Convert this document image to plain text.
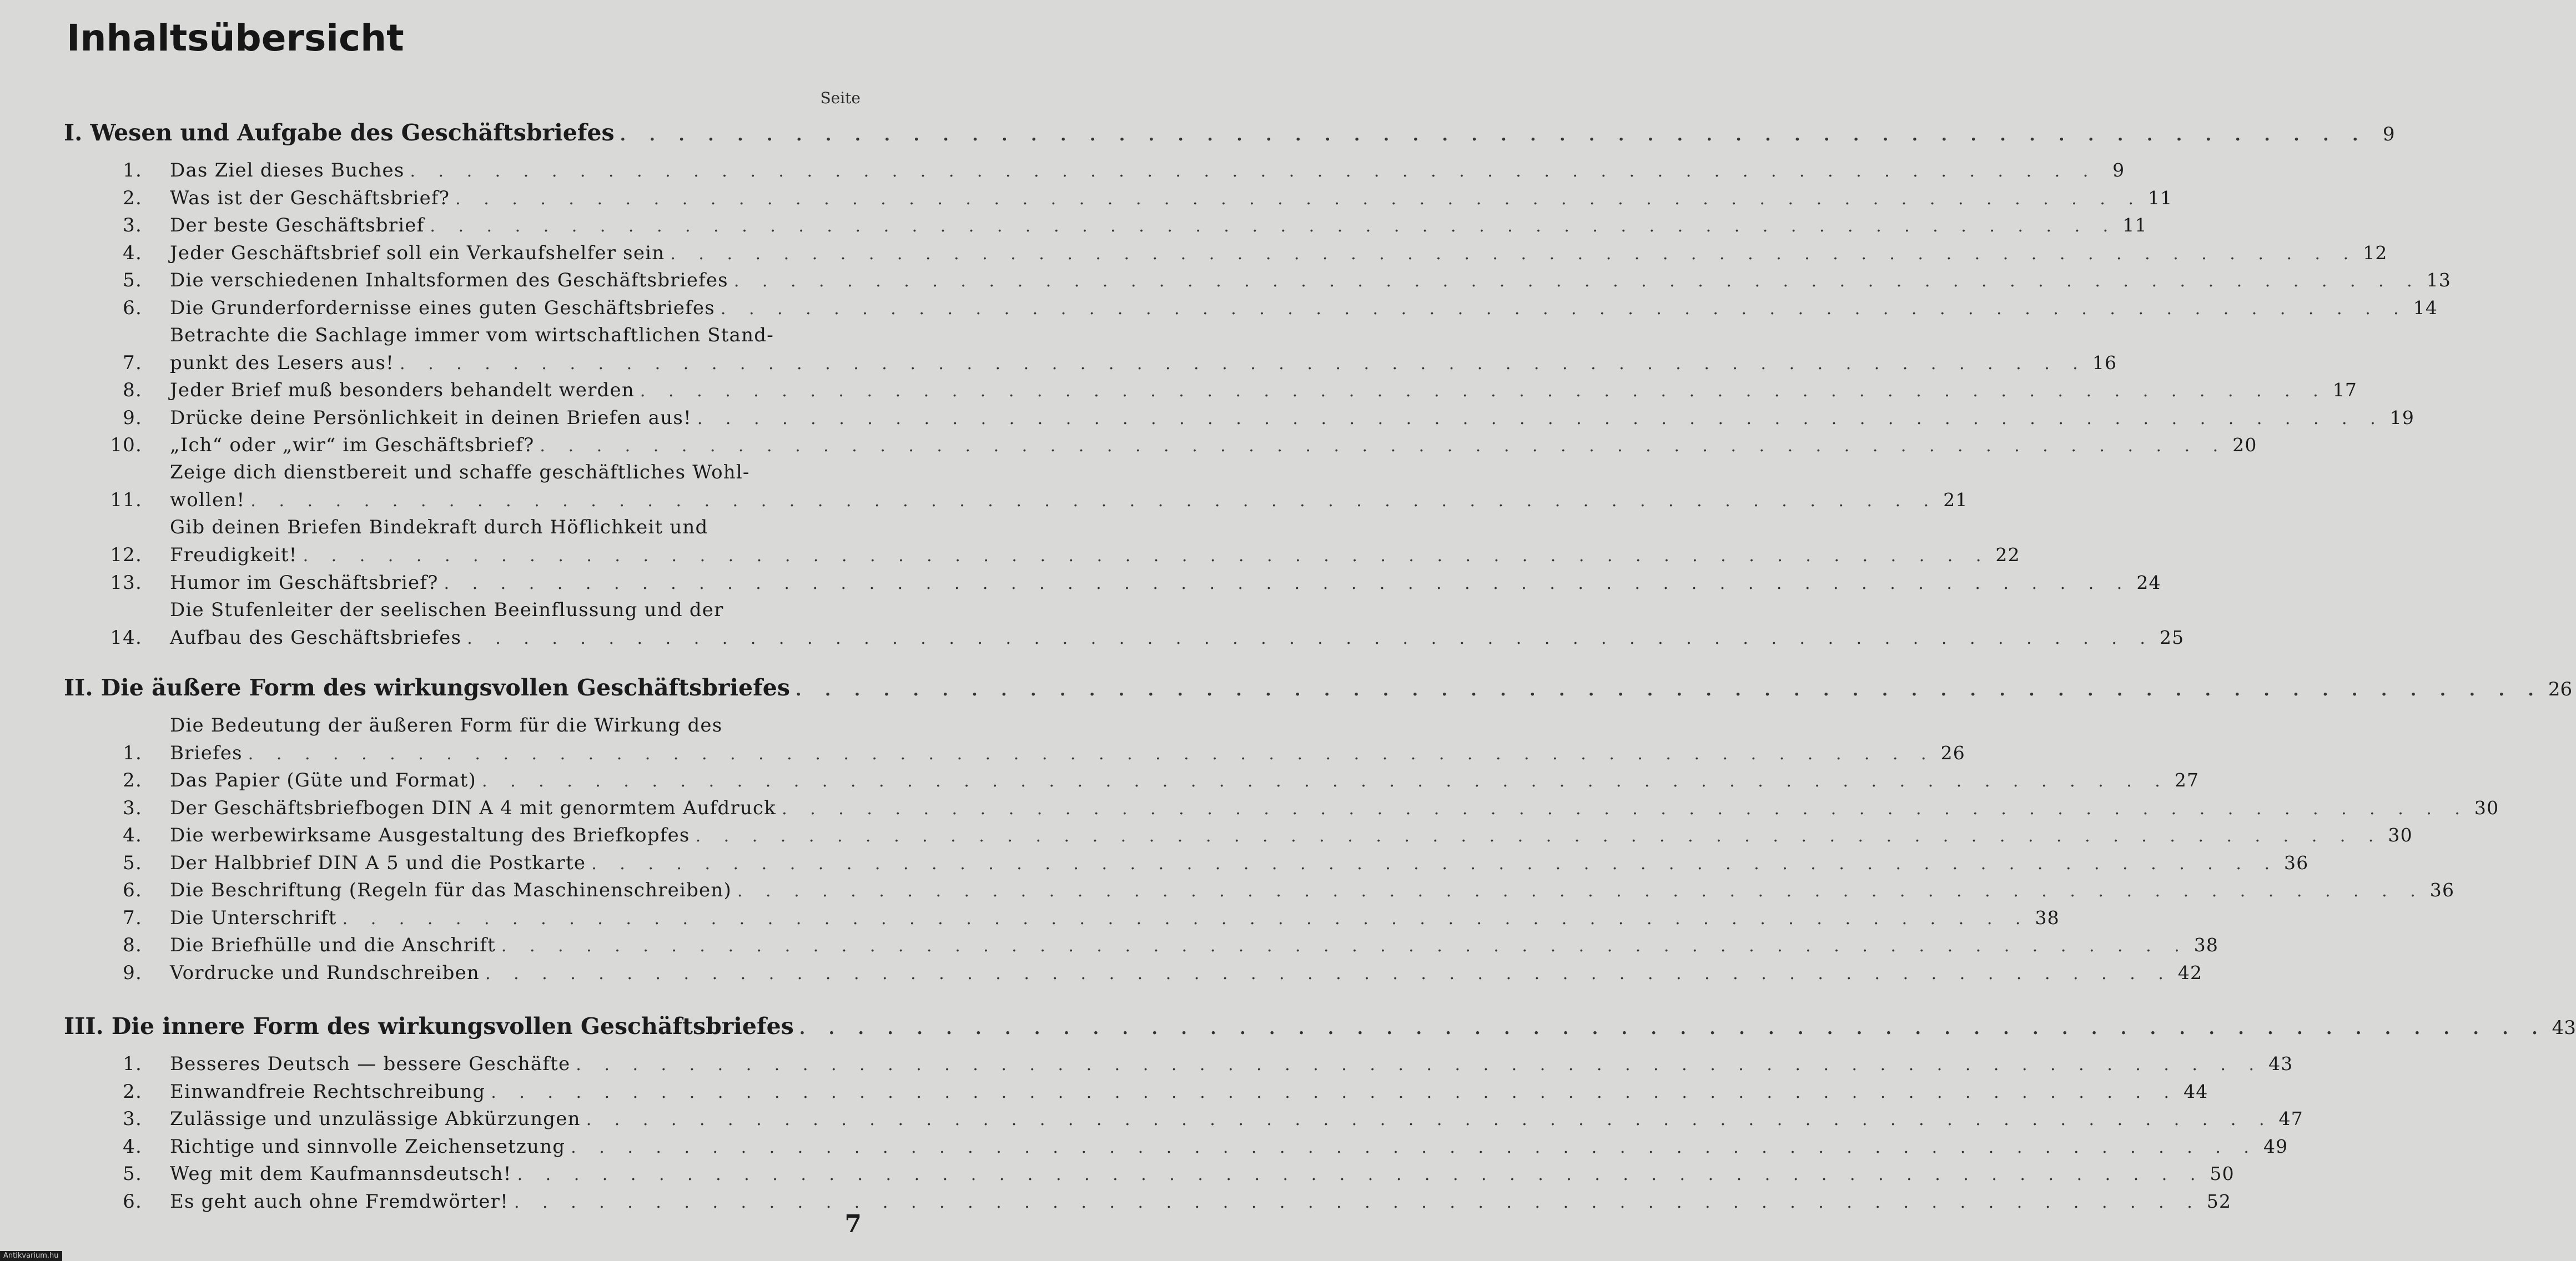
Inhaltsübersicht
Seite
I. Wesen und Aufgabe des Geschäftsbriefes . . . . . . . . . . . . . . . . . . . . . . . . . . . . . . . . . . . . . . . . . . . . . . . . . . . . . . . . . . . . 9
1. Das Ziel dieses Buches . . . . . . . . . . . . . . . . . . . . . . . . . . . . . . . . . . . . . . . . . . . . . . . . . . . . . . . . . . . . 9
2. Was ist der Geschäftsbrief? . . . . . . . . . . . . . . . . . . . . . . . . . . . . . . . . . . . . . . . . . . . . . . . . . . . . . . . . . . . . 11
3. Der beste Geschäftsbrief . . . . . . . . . . . . . . . . . . . . . . . . . . . . . . . . . . . . . . . . . . . . . . . . . . . . . . . . . . . . 11
4. Jeder Geschäftsbrief soll ein Verkaufshelfer sein . . . . . . . . . . . . . . . . . . . . . . . . . . . . . . . . . . . . . . . . . . . . . . . . . . . . . . . . . . . . 12
5. Die verschiedenen Inhaltsformen des Geschäftsbriefes . . . . . . . . . . . . . . . . . . . . . . . . . . . . . . . . . . . . . . . . . . . . . . . . . . . . . . . . . . . . 13
6. Die Grunderfordernisse eines guten Geschäftsbriefes . . . . . . . . . . . . . . . . . . . . . . . . . . . . . . . . . . . . . . . . . . . . . . . . . . . . . . . . . . . . 14
7.
Betrachte die Sachlage immer vom wirtschaftlichen Stand-
punkt des Lesers aus! . . . . . . . . . . . . . . . . . . . . . . . . . . . . . . . . . . . . . . . . . . . . . . . . . . . . . . . . . . . . 16
8. Jeder Brief muß besonders behandelt werden . . . . . . . . . . . . . . . . . . . . . . . . . . . . . . . . . . . . . . . . . . . . . . . . . . . . . . . . . . . . 17
9. Drücke deine Persönlichkeit in deinen Briefen aus! . . . . . . . . . . . . . . . . . . . . . . . . . . . . . . . . . . . . . . . . . . . . . . . . . . . . . . . . . . . . 19
10. „Ich“ oder „wir“ im Geschäftsbrief? . . . . . . . . . . . . . . . . . . . . . . . . . . . . . . . . . . . . . . . . . . . . . . . . . . . . . . . . . . . . 20
11.
Zeige dich dienstbereit und schaffe geschäftliches Wohl-
wollen! . . . . . . . . . . . . . . . . . . . . . . . . . . . . . . . . . . . . . . . . . . . . . . . . . . . . . . . . . . . . 21
12.
Gib deinen Briefen Bindekraft durch Höflichkeit und
Freudigkeit! . . . . . . . . . . . . . . . . . . . . . . . . . . . . . . . . . . . . . . . . . . . . . . . . . . . . . . . . . . . . 22
13. Humor im Geschäftsbrief? . . . . . . . . . . . . . . . . . . . . . . . . . . . . . . . . . . . . . . . . . . . . . . . . . . . . . . . . . . . . 24
14.
Die Stufenleiter der seelischen Beeinflussung und der
Aufbau des Geschäftsbriefes . . . . . . . . . . . . . . . . . . . . . . . . . . . . . . . . . . . . . . . . . . . . . . . . . . . . . . . . . . . . 25
II. Die äußere Form des wirkungsvollen Geschäftsbriefes . . . . . . . . . . . . . . . . . . . . . . . . . . . . . . . . . . . . . . . . . . . . . . . . . . . . . . . . . . . . 26
1.
Die Bedeutung der äußeren Form für die Wirkung des
Briefes . . . . . . . . . . . . . . . . . . . . . . . . . . . . . . . . . . . . . . . . . . . . . . . . . . . . . . . . . . . . 26
2. Das Papier (Güte und Format) . . . . . . . . . . . . . . . . . . . . . . . . . . . . . . . . . . . . . . . . . . . . . . . . . . . . . . . . . . . . 27
3. Der Geschäftsbriefbogen DIN A 4 mit genormtem Aufdruck . . . . . . . . . . . . . . . . . . . . . . . . . . . . . . . . . . . . . . . . . . . . . . . . . . . . . . . . . . . . 30
4. Die werbewirksame Ausgestaltung des Briefkopfes . . . . . . . . . . . . . . . . . . . . . . . . . . . . . . . . . . . . . . . . . . . . . . . . . . . . . . . . . . . . 30
5. Der Halbbrief DIN A 5 und die Postkarte . . . . . . . . . . . . . . . . . . . . . . . . . . . . . . . . . . . . . . . . . . . . . . . . . . . . . . . . . . . . 36
6. Die Beschriftung (Regeln für das Maschinenschreiben) . . . . . . . . . . . . . . . . . . . . . . . . . . . . . . . . . . . . . . . . . . . . . . . . . . . . . . . . . . . . 36
7. Die Unterschrift . . . . . . . . . . . . . . . . . . . . . . . . . . . . . . . . . . . . . . . . . . . . . . . . . . . . . . . . . . . . 38
8. Die Briefhülle und die Anschrift . . . . . . . . . . . . . . . . . . . . . . . . . . . . . . . . . . . . . . . . . . . . . . . . . . . . . . . . . . . . 38
9. Vordrucke und Rundschreiben . . . . . . . . . . . . . . . . . . . . . . . . . . . . . . . . . . . . . . . . . . . . . . . . . . . . . . . . . . . . 42
III. Die innere Form des wirkungsvollen Geschäftsbriefes . . . . . . . . . . . . . . . . . . . . . . . . . . . . . . . . . . . . . . . . . . . . . . . . . . . . . . . . . . . . 43
1. Besseres Deutsch — bessere Geschäfte . . . . . . . . . . . . . . . . . . . . . . . . . . . . . . . . . . . . . . . . . . . . . . . . . . . . . . . . . . . . 43
2. Einwandfreie Rechtschreibung . . . . . . . . . . . . . . . . . . . . . . . . . . . . . . . . . . . . . . . . . . . . . . . . . . . . . . . . . . . . 44
3. Zulässige und unzulässige Abkürzungen . . . . . . . . . . . . . . . . . . . . . . . . . . . . . . . . . . . . . . . . . . . . . . . . . . . . . . . . . . . . 47
4. Richtige und sinnvolle Zeichensetzung . . . . . . . . . . . . . . . . . . . . . . . . . . . . . . . . . . . . . . . . . . . . . . . . . . . . . . . . . . . . 49
5. Weg mit dem Kaufmannsdeutsch! . . . . . . . . . . . . . . . . . . . . . . . . . . . . . . . . . . . . . . . . . . . . . . . . . . . . . . . . . . . . 50
6. Es geht auch ohne Fremdwörter! . . . . . . . . . . . . . . . . . . . . . . . . . . . . . . . . . . . . . . . . . . . . . . . . . . . . . . . . . . . . 52
7
Antikvarium.hu
